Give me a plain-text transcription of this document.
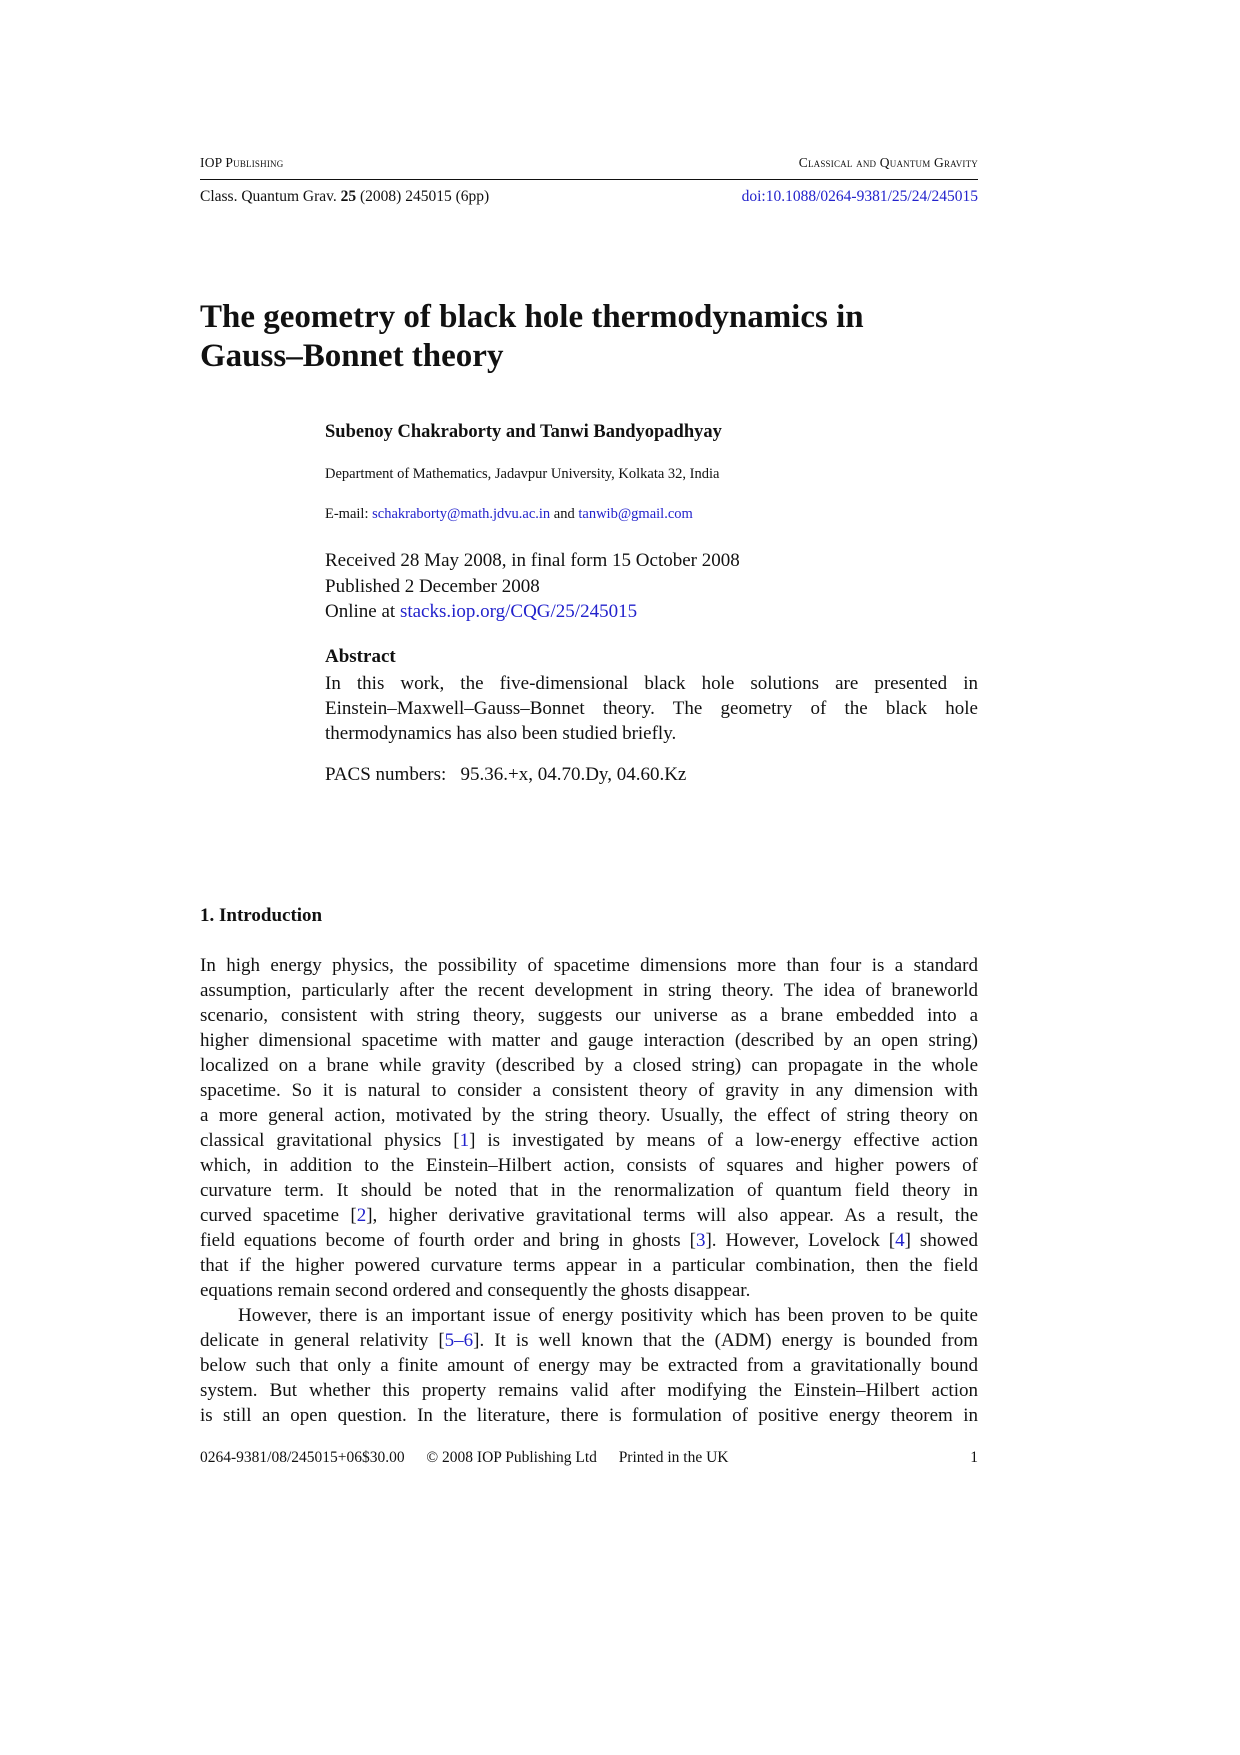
IOP Publishing	Classical and Quantum Gravity
Class. Quantum Grav. 25 (2008) 245015 (6pp)	doi:10.1088/0264-9381/25/24/245015
The geometry of black hole thermodynamics in
Gauss–Bonnet theory
Subenoy Chakraborty and Tanwi Bandyopadhyay
Department of Mathematics, Jadavpur University, Kolkata 32, India
E-mail: schakraborty@math.jdvu.ac.in and tanwib@gmail.com
Received 28 May 2008, in final form 15 October 2008
Published 2 December 2008
Online at stacks.iop.org/CQG/25/245015
Abstract
In this work, the five-dimensional black hole solutions are presented in
Einstein–Maxwell–Gauss–Bonnet theory. The geometry of the black hole
thermodynamics has also been studied briefly.
PACS numbers:   95.36.+x, 04.70.Dy, 04.60.Kz
1. Introduction
In high energy physics, the possibility of spacetime dimensions more than four is a standard
assumption, particularly after the recent development in string theory. The idea of braneworld
scenario, consistent with string theory, suggests our universe as a brane embedded into a
higher dimensional spacetime with matter and gauge interaction (described by an open string)
localized on a brane while gravity (described by a closed string) can propagate in the whole
spacetime. So it is natural to consider a consistent theory of gravity in any dimension with
a more general action, motivated by the string theory. Usually, the effect of string theory on
classical gravitational physics [1] is investigated by means of a low-energy effective action
which, in addition to the Einstein–Hilbert action, consists of squares and higher powers of
curvature term. It should be noted that in the renormalization of quantum field theory in
curved spacetime [2], higher derivative gravitational terms will also appear. As a result, the
field equations become of fourth order and bring in ghosts [3]. However, Lovelock [4] showed
that if the higher powered curvature terms appear in a particular combination, then the field
equations remain second ordered and consequently the ghosts disappear.
However, there is an important issue of energy positivity which has been proven to be quite
delicate in general relativity [5–6]. It is well known that the (ADM) energy is bounded from
below such that only a finite amount of energy may be extracted from a gravitationally bound
system. But whether this property remains valid after modifying the Einstein–Hilbert action
is still an open question. In the literature, there is formulation of positive energy theorem in
0264-9381/08/245015+06$30.00 © 2008 IOP Publishing Ltd Printed in the UK	1
